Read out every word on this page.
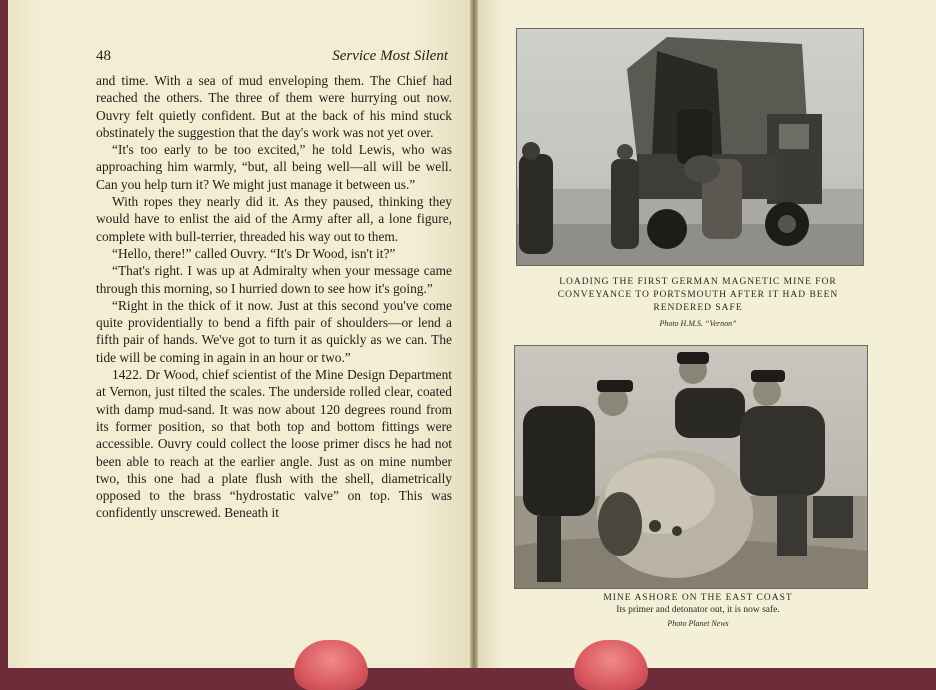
48	Service Most Silent

and time. With a sea of mud enveloping them. The Chief had reached the others. The three of them were hurrying out now. Ouvry felt quietly confident. But at the back of his mind stuck obstinately the suggestion that the day's work was not yet over.

“It's too early to be too excited,” he told Lewis, who was approaching him warmly, “but, all being well—all will be well. Can you help turn it? We might just manage it between us.”

With ropes they nearly did it. As they paused, thinking they would have to enlist the aid of the Army after all, a lone figure, complete with bull-terrier, threaded his way out to them.

“Hello, there!” called Ouvry. “It's Dr Wood, isn't it?”

“That's right. I was up at Admiralty when your message came through this morning, so I hurried down to see how it's going.”

“Right in the thick of it now. Just at this second you've come quite providentially to bend a fifth pair of shoulders—or lend a fifth pair of hands. We've got to turn it as quickly as we can. The tide will be coming in again in an hour or two.”

1422. Dr Wood, chief scientist of the Mine Design Department at Vernon, just tilted the scales. The underside rolled clear, coated with damp mud-sand. It was now about 120 degrees round from its former position, so that both top and bottom fittings were accessible. Ouvry could collect the loose primer discs he had not been able to reach at the earlier angle. Just as on mine number two, this one had a plate flush with the shell, diametrically opposed to the brass “hydrostatic valve” on top. This was confidently unscrewed. Beneath it

LOADING THE FIRST GERMAN MAGNETIC MINE FOR CONVEYANCE TO PORTSMOUTH AFTER IT HAD BEEN RENDERED SAFE
Photo H.M.S. “Vernon”
MINE ASHORE ON THE EAST COAST
Its primer and detonator out, it is now safe.
Photo Planet News
